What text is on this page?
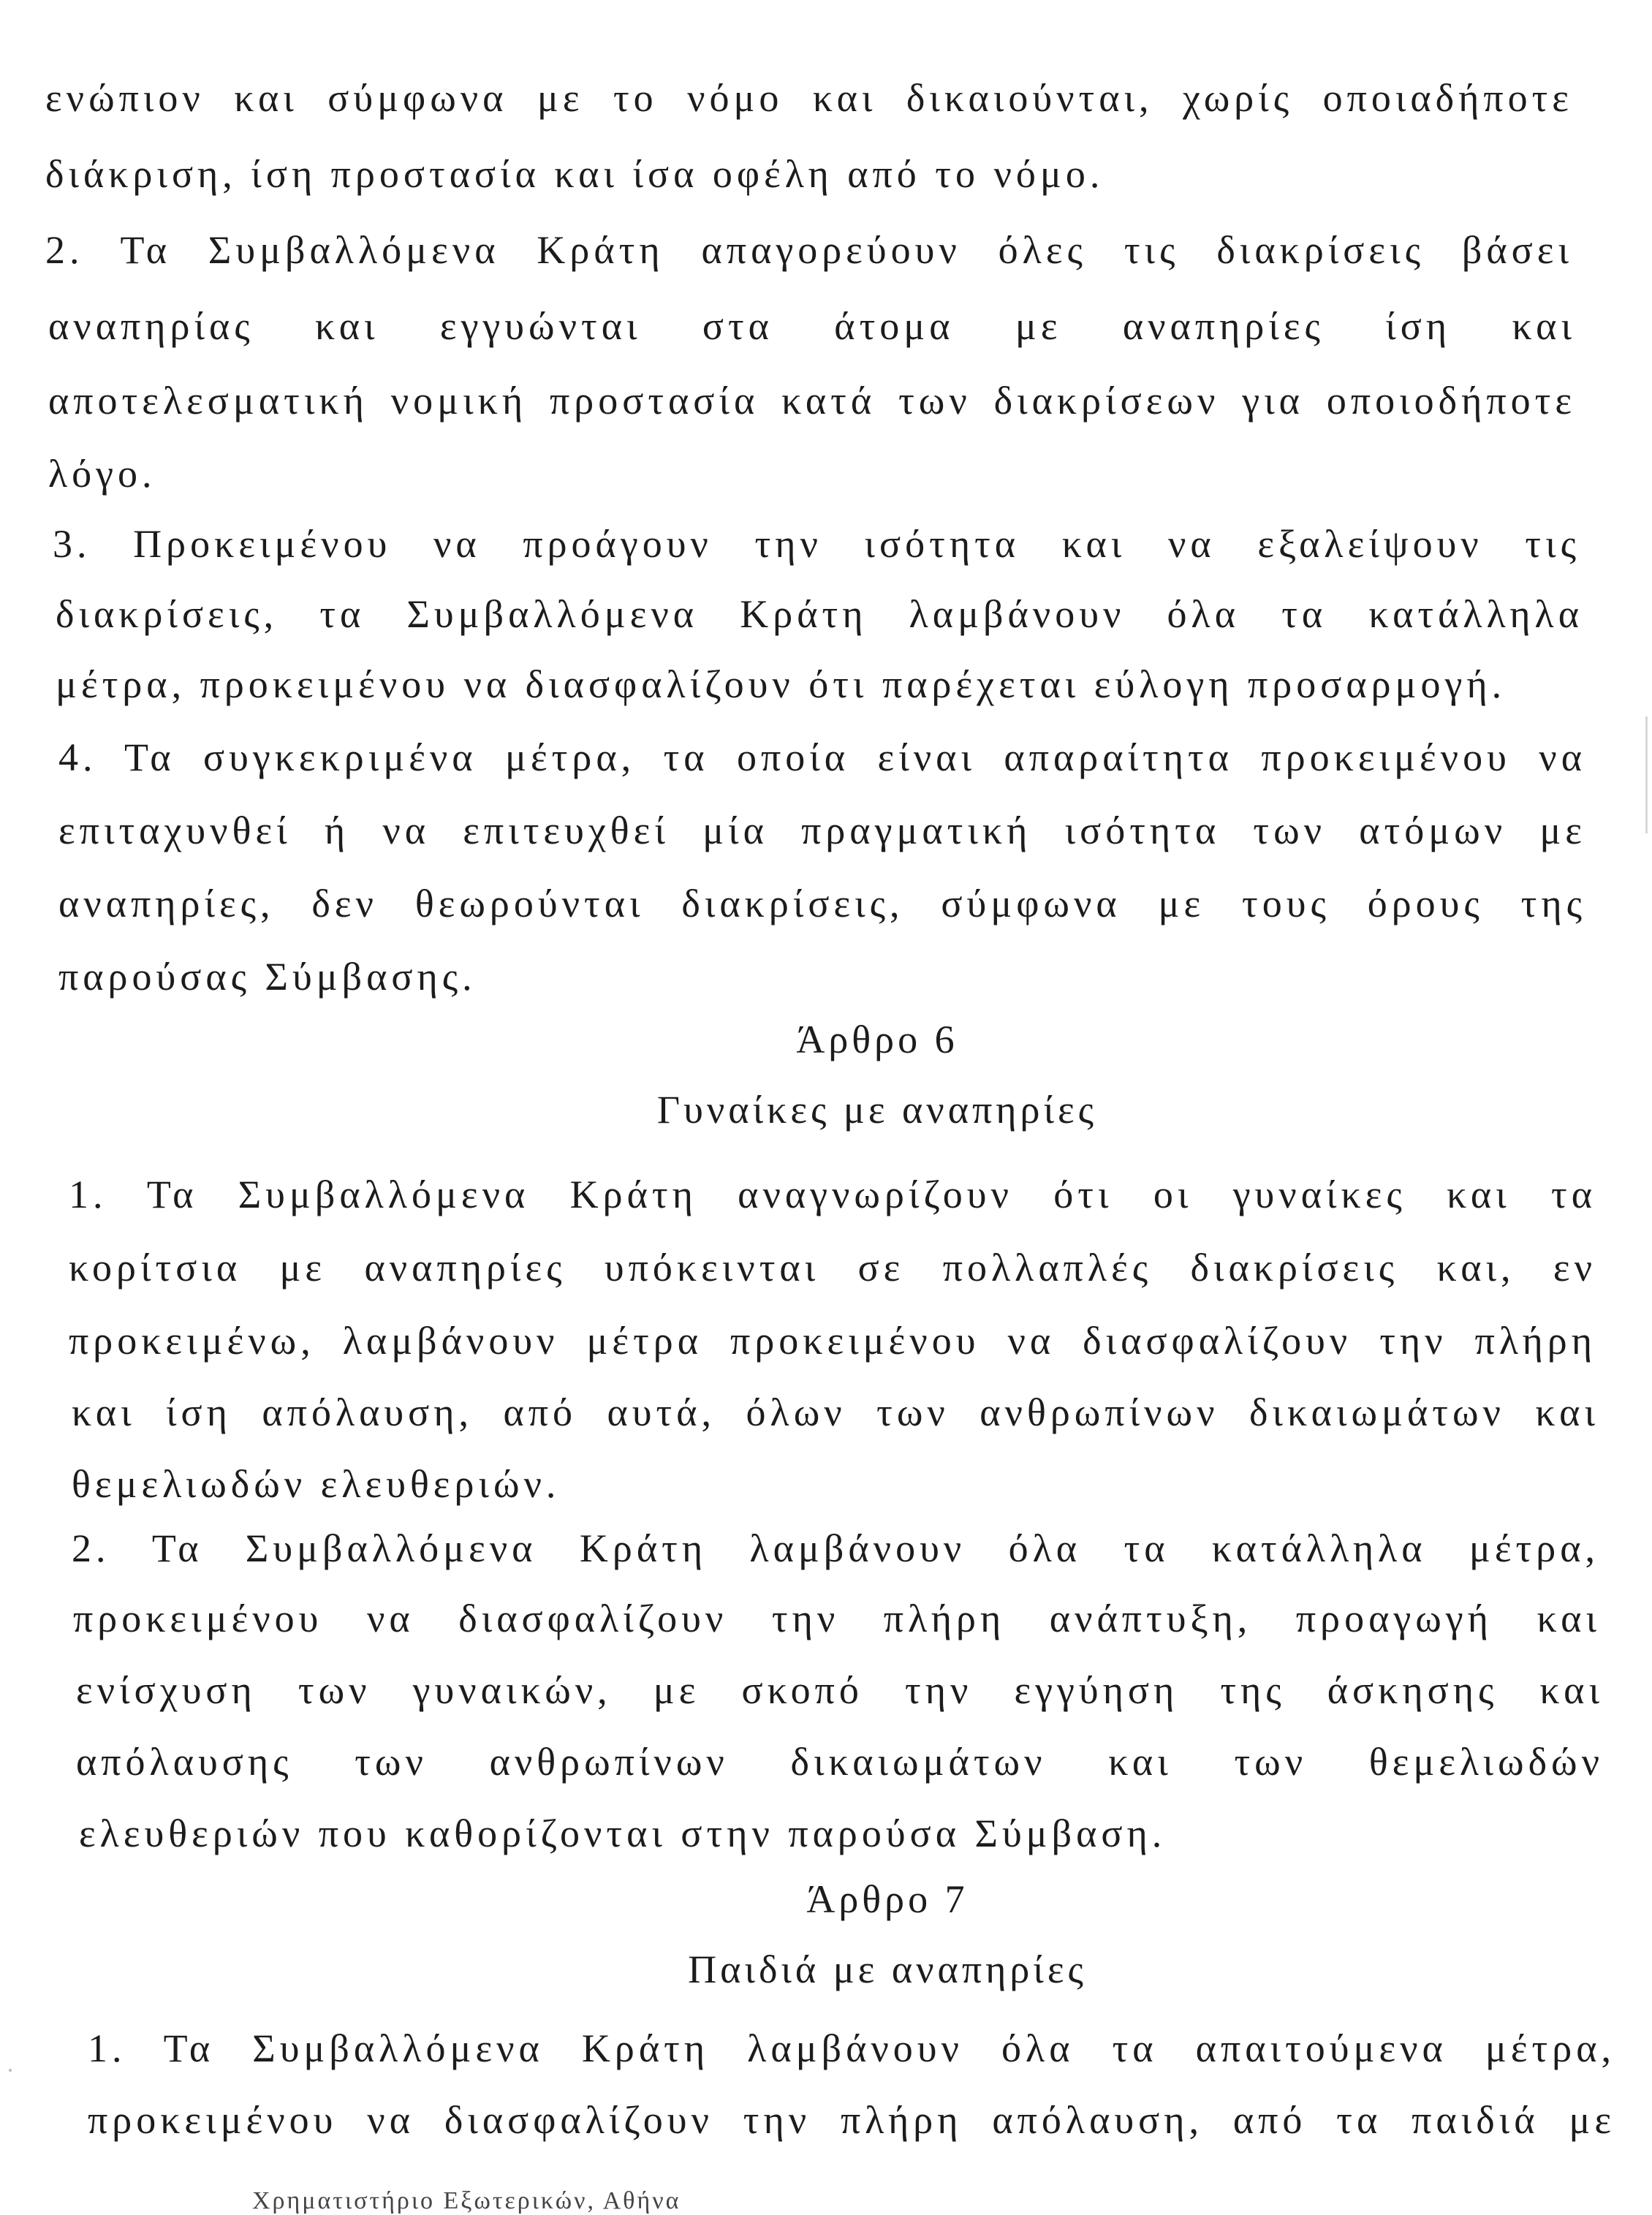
ενώπιον και σύμφωνα με το νόμο και δικαιούνται, χωρίς οποιαδήποτε
διάκριση, ίση προστασία και ίσα οφέλη από το νόμο.
2. Τα Συμβαλλόμενα Κράτη απαγορεύουν όλες τις διακρίσεις βάσει
αναπηρίας και εγγυώνται στα άτομα με αναπηρίες ίση και
αποτελεσματική νομική προστασία κατά των διακρίσεων για οποιοδήποτε
λόγο.
3. Προκειμένου να προάγουν την ισότητα και να εξαλείψουν τις
διακρίσεις, τα Συμβαλλόμενα Κράτη λαμβάνουν όλα τα κατάλληλα
μέτρα, προκειμένου να διασφαλίζουν ότι παρέχεται εύλογη προσαρμογή.
4. Τα συγκεκριμένα μέτρα, τα οποία είναι απαραίτητα προκειμένου να
επιταχυνθεί ή να επιτευχθεί μία πραγματική ισότητα των ατόμων με
αναπηρίες, δεν θεωρούνται διακρίσεις, σύμφωνα με τους όρους της
παρούσας Σύμβασης.
Άρθρο 6
Γυναίκες με αναπηρίες
1. Τα Συμβαλλόμενα Κράτη αναγνωρίζουν ότι οι γυναίκες και τα
κορίτσια με αναπηρίες υπόκεινται σε πολλαπλές διακρίσεις και, εν
προκειμένω, λαμβάνουν μέτρα προκειμένου να διασφαλίζουν την πλήρη
και ίση απόλαυση, από αυτά, όλων των ανθρωπίνων δικαιωμάτων και
θεμελιωδών ελευθεριών.
2. Τα Συμβαλλόμενα Κράτη λαμβάνουν όλα τα κατάλληλα μέτρα,
προκειμένου να διασφαλίζουν την πλήρη ανάπτυξη, προαγωγή και
ενίσχυση των γυναικών, με σκοπό την εγγύηση της άσκησης και
απόλαυσης των ανθρωπίνων δικαιωμάτων και των θεμελιωδών
ελευθεριών που καθορίζονται στην παρούσα Σύμβαση.
Άρθρο 7
Παιδιά με αναπηρίες
1. Τα Συμβαλλόμενα Κράτη λαμβάνουν όλα τα απαιτούμενα μέτρα,
προκειμένου να διασφαλίζουν την πλήρη απόλαυση, από τα παιδιά με
Χρηματιστήριο Εξωτερικών, Αθήνα
